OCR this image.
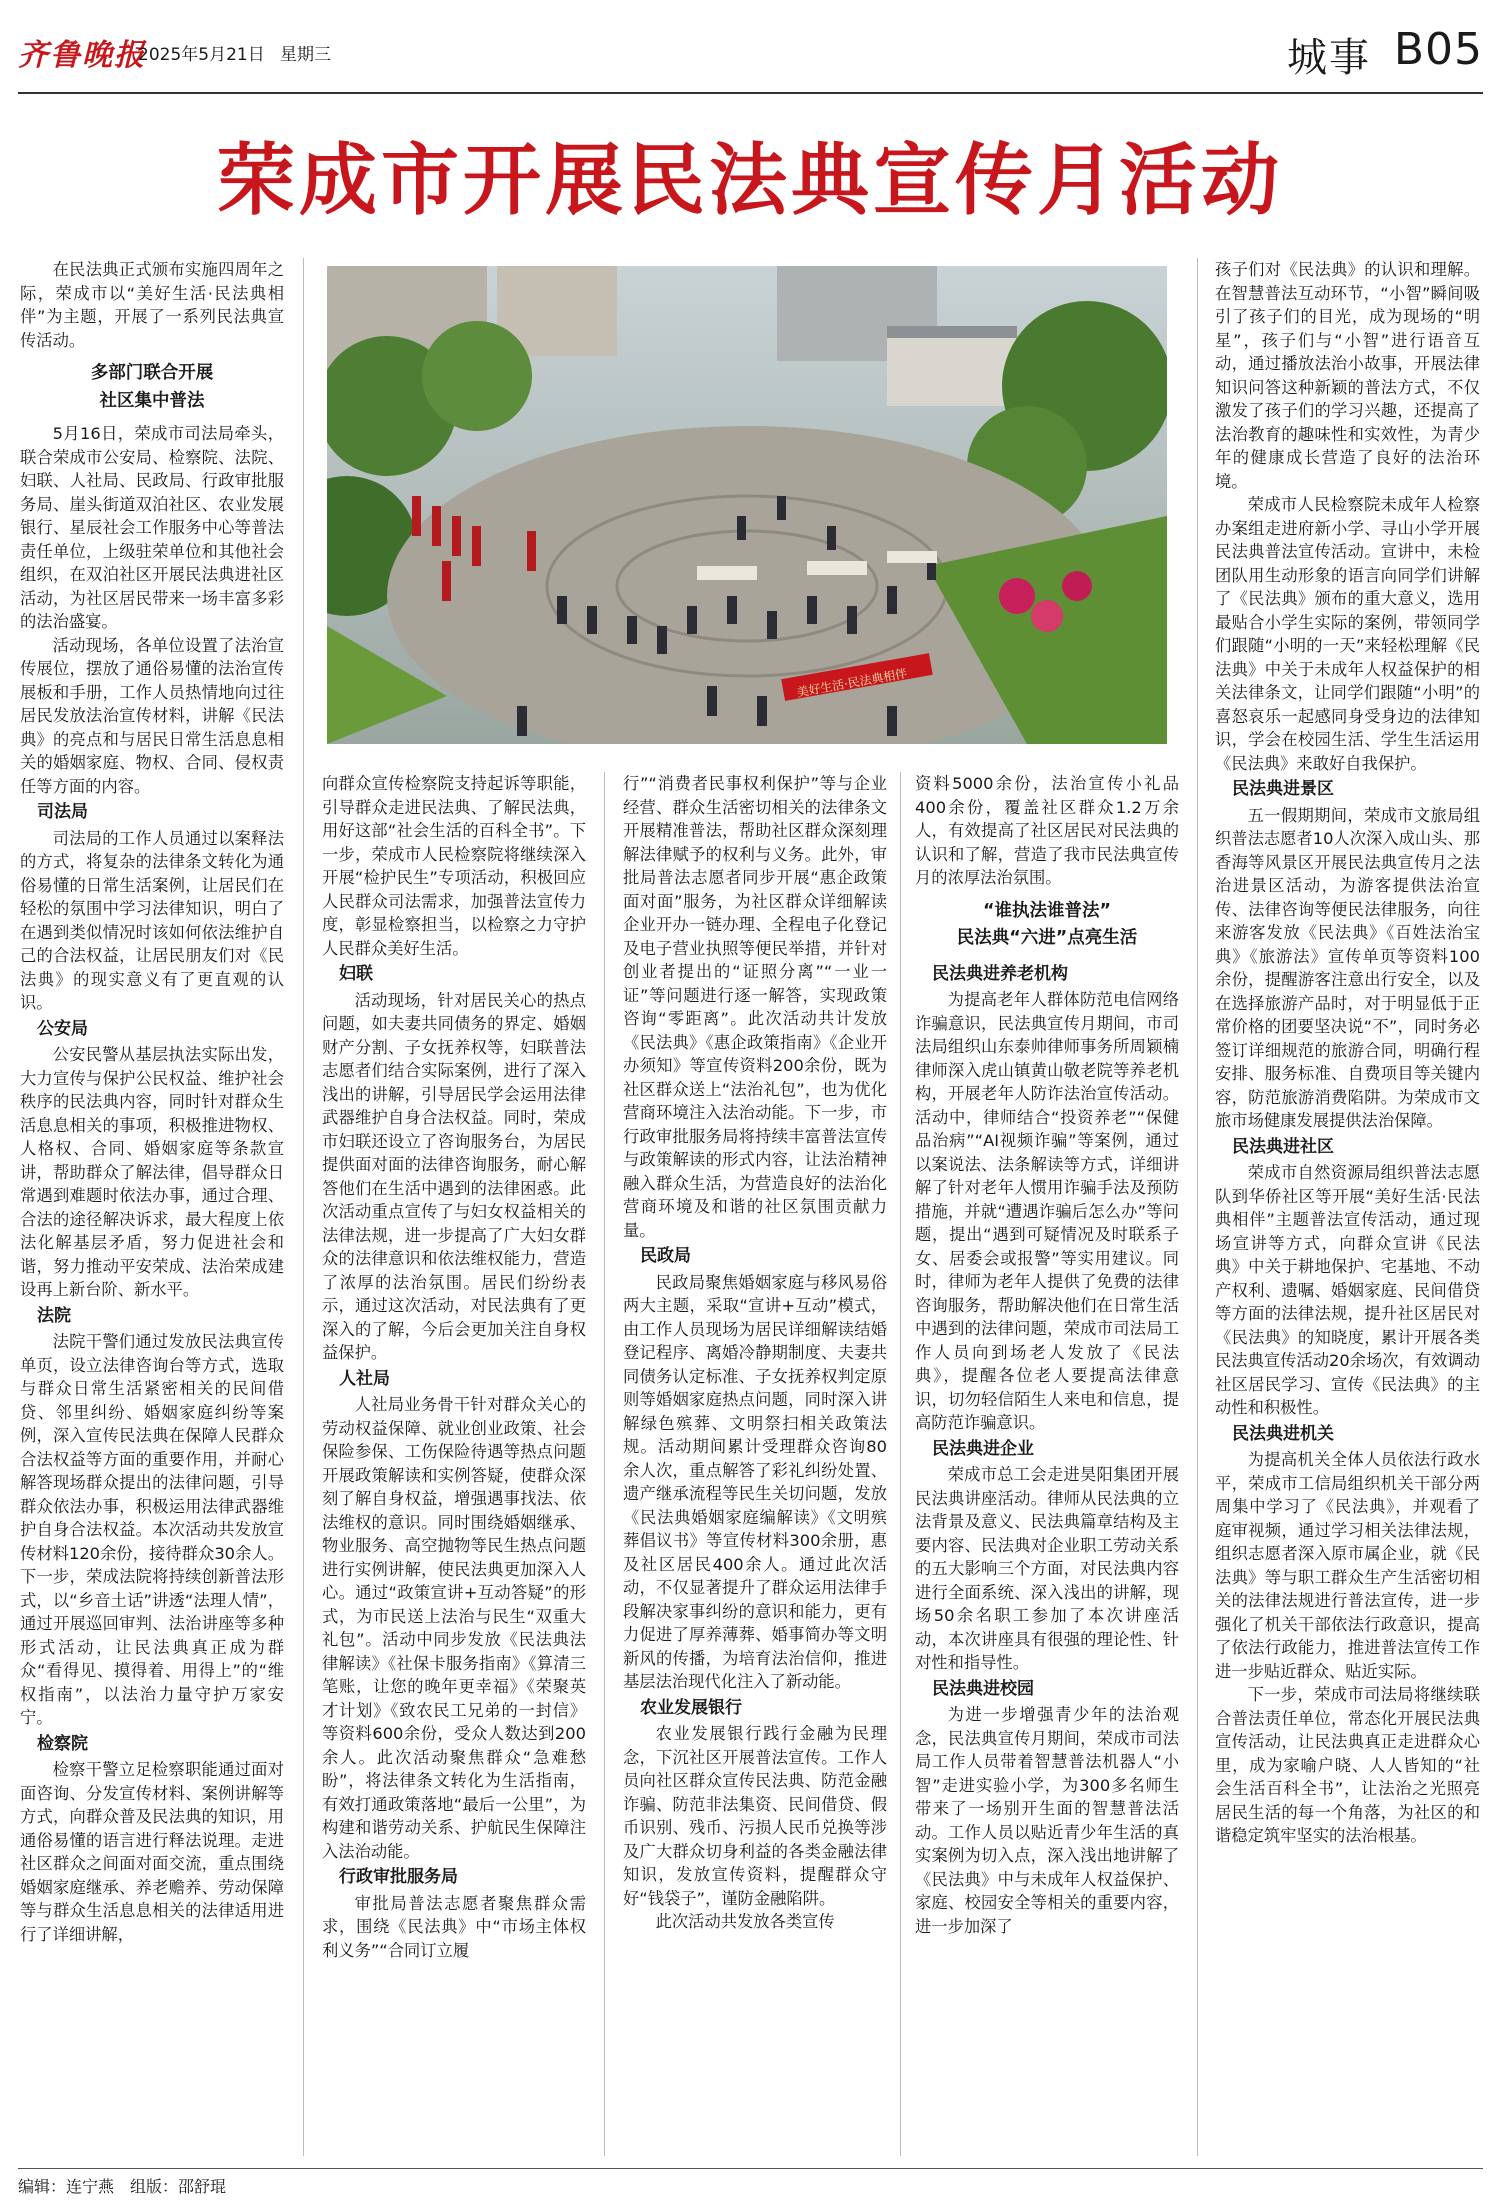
齐鲁晚报
2025年5月21日 星期三	城事 B05
荣成市开展民法典宣传月活动

在民法典正式颁布实施四周年之际，荣成市以“美好生活·民法典相伴”为主题，开展了一系列民法典宣传活动。

多部门联合开展
社区集中普法

5月16日，荣成市司法局牵头，联合荣成市公安局、检察院、法院、妇联、人社局、民政局、行政审批服务局、崖头街道双泊社区、农业发展银行、星辰社会工作服务中心等普法责任单位，上级驻荣单位和其他社会组织，在双泊社区开展民法典进社区活动，为社区居民带来一场丰富多彩的法治盛宴。

活动现场，各单位设置了法治宣传展位，摆放了通俗易懂的法治宣传展板和手册，工作人员热情地向过往居民发放法治宣传材料，讲解《民法典》的亮点和与居民日常生活息息相关的婚姻家庭、物权、合同、侵权责任等方面的内容。

司法局

司法局的工作人员通过以案释法的方式，将复杂的法律条文转化为通俗易懂的日常生活案例，让居民们在轻松的氛围中学习法律知识，明白了在遇到类似情况时该如何依法维护自己的合法权益，让居民朋友们对《民法典》的现实意义有了更直观的认识。

公安局

公安民警从基层执法实际出发，大力宣传与保护公民权益、维护社会秩序的民法典内容，同时针对群众生活息息相关的事项，积极推进物权、人格权、合同、婚姻家庭等条款宣讲，帮助群众了解法律，倡导群众日常遇到难题时依法办事，通过合理、合法的途径解决诉求，最大程度上依法化解基层矛盾，努力促进社会和谐，努力推动平安荣成、法治荣成建设再上新台阶、新水平。

法院

法院干警们通过发放民法典宣传单页，设立法律咨询台等方式，选取与群众日常生活紧密相关的民间借贷、邻里纠纷、婚姻家庭纠纷等案例，深入宣传民法典在保障人民群众合法权益等方面的重要作用，并耐心解答现场群众提出的法律问题，引导群众依法办事，积极运用法律武器维护自身合法权益。本次活动共发放宣传材料120余份，接待群众30余人。下一步，荣成法院将持续创新普法形式，以“乡音土话”讲透“法理人情”，通过开展巡回审判、法治讲座等多种形式活动，让民法典真正成为群众“看得见、摸得着、用得上”的“维权指南”，以法治力量守护万家安宁。

检察院

检察干警立足检察职能通过面对面咨询、分发宣传材料、案例讲解等方式，向群众普及民法典的知识，用通俗易懂的语言进行释法说理。走进社区群众之间面对面交流，重点围绕婚姻家庭继承、养老赡养、劳动保障等与群众生活息息相关的法律适用进行了详细讲解，

美好生活·民法典相伴

向群众宣传检察院支持起诉等职能，引导群众走进民法典、了解民法典，用好这部“社会生活的百科全书”。下一步，荣成市人民检察院将继续深入开展“检护民生”专项活动，积极回应人民群众司法需求，加强普法宣传力度，彰显检察担当，以检察之力守护人民群众美好生活。

妇联

活动现场，针对居民关心的热点问题，如夫妻共同债务的界定、婚姻财产分割、子女抚养权等，妇联普法志愿者们结合实际案例，进行了深入浅出的讲解，引导居民学会运用法律武器维护自身合法权益。同时，荣成市妇联还设立了咨询服务台，为居民提供面对面的法律咨询服务，耐心解答他们在生活中遇到的法律困惑。此次活动重点宣传了与妇女权益相关的法律法规，进一步提高了广大妇女群众的法律意识和依法维权能力，营造了浓厚的法治氛围。居民们纷纷表示，通过这次活动，对民法典有了更深入的了解，今后会更加关注自身权益保护。

人社局

人社局业务骨干针对群众关心的劳动权益保障、就业创业政策、社会保险参保、工伤保险待遇等热点问题开展政策解读和实例答疑，使群众深刻了解自身权益，增强遇事找法、依法维权的意识。同时围绕婚姻继承、物业服务、高空抛物等民生热点问题进行实例讲解，使民法典更加深入人心。通过“政策宣讲+互动答疑”的形式，为市民送上法治与民生“双重大礼包”。活动中同步发放《民法典法律解读》《社保卡服务指南》《算清三笔账，让您的晚年更幸福》《荣聚英才计划》《致农民工兄弟的一封信》等资料600余份，受众人数达到200余人。此次活动聚焦群众“急难愁盼”，将法律条文转化为生活指南，有效打通政策落地“最后一公里”，为构建和谐劳动关系、护航民生保障注入法治动能。

行政审批服务局

审批局普法志愿者聚焦群众需求，围绕《民法典》中“市场主体权利义务”“合同订立履

行”“消费者民事权利保护”等与企业经营、群众生活密切相关的法律条文开展精准普法，帮助社区群众深刻理解法律赋予的权利与义务。此外，审批局普法志愿者同步开展“惠企政策面对面”服务，为社区群众详细解读企业开办一链办理、全程电子化登记及电子营业执照等便民举措，并针对创业者提出的“证照分离”“一业一证”等问题进行逐一解答，实现政策咨询“零距离”。此次活动共计发放《民法典》《惠企政策指南》《企业开办须知》等宣传资料200余份，既为社区群众送上“法治礼包”，也为优化营商环境注入法治动能。下一步，市行政审批服务局将持续丰富普法宣传与政策解读的形式内容，让法治精神融入群众生活，为营造良好的法治化营商环境及和谐的社区氛围贡献力量。

民政局

民政局聚焦婚姻家庭与移风易俗两大主题，采取“宣讲+互动”模式，由工作人员现场为居民详细解读结婚登记程序、离婚冷静期制度、夫妻共同债务认定标准、子女抚养权判定原则等婚姻家庭热点问题，同时深入讲解绿色殡葬、文明祭扫相关政策法规。活动期间累计受理群众咨询80余人次，重点解答了彩礼纠纷处置、遗产继承流程等民生关切问题，发放《民法典婚姻家庭编解读》《文明殡葬倡议书》等宣传材料300余册，惠及社区居民400余人。通过此次活动，不仅显著提升了群众运用法律手段解决家事纠纷的意识和能力，更有力促进了厚养薄葬、婚事简办等文明新风的传播，为培育法治信仰，推进基层法治现代化注入了新动能。

农业发展银行

农业发展银行践行金融为民理念，下沉社区开展普法宣传。工作人员向社区群众宣传民法典、防范金融诈骗、防范非法集资、民间借贷、假币识别、残币、污损人民币兑换等涉及广大群众切身利益的各类金融法律知识，发放宣传资料，提醒群众守好“钱袋子”，谨防金融陷阱。

此次活动共发放各类宣传

资料5000余份，法治宣传小礼品400余份，覆盖社区群众1.2万余人，有效提高了社区居民对民法典的认识和了解，营造了我市民法典宣传月的浓厚法治氛围。

“谁执法谁普法”
民法典“六进”点亮生活
民法典进养老机构

为提高老年人群体防范电信网络诈骗意识，民法典宣传月期间，市司法局组织山东泰帅律师事务所周颖楠律师深入虎山镇黄山敬老院等养老机构，开展老年人防诈法治宣传活动。活动中，律师结合“投资养老”“保健品治病”“AI视频诈骗”等案例，通过以案说法、法条解读等方式，详细讲解了针对老年人惯用诈骗手法及预防措施，并就“遭遇诈骗后怎么办”等问题，提出“遇到可疑情况及时联系子女、居委会或报警”等实用建议。同时，律师为老年人提供了免费的法律咨询服务，帮助解决他们在日常生活中遇到的法律问题，荣成市司法局工作人员向到场老人发放了《民法典》，提醒各位老人要提高法律意识，切勿轻信陌生人来电和信息，提高防范诈骗意识。

民法典进企业

荣成市总工会走进昊阳集团开展民法典讲座活动。律师从民法典的立法背景及意义、民法典篇章结构及主要内容、民法典对企业职工劳动关系的五大影响三个方面，对民法典内容进行全面系统、深入浅出的讲解，现场50余名职工参加了本次讲座活动，本次讲座具有很强的理论性、针对性和指导性。

民法典进校园

为进一步增强青少年的法治观念，民法典宣传月期间，荣成市司法局工作人员带着智慧普法机器人“小智”走进实验小学，为300多名师生带来了一场别开生面的智慧普法活动。工作人员以贴近青少年生活的真实案例为切入点，深入浅出地讲解了《民法典》中与未成年人权益保护、家庭、校园安全等相关的重要内容，进一步加深了

孩子们对《民法典》的认识和理解。在智慧普法互动环节，“小智”瞬间吸引了孩子们的目光，成为现场的“明星”，孩子们与“小智”进行语音互动，通过播放法治小故事，开展法律知识问答这种新颖的普法方式，不仅激发了孩子们的学习兴趣，还提高了法治教育的趣味性和实效性，为青少年的健康成长营造了良好的法治环境。

荣成市人民检察院未成年人检察办案组走进府新小学、寻山小学开展民法典普法宣传活动。宣讲中，未检团队用生动形象的语言向同学们讲解了《民法典》颁布的重大意义，选用最贴合小学生实际的案例，带领同学们跟随“小明的一天”来轻松理解《民法典》中关于未成年人权益保护的相关法律条文，让同学们跟随“小明”的喜怒哀乐一起感同身受身边的法律知识，学会在校园生活、学生生活运用《民法典》来敢好自我保护。

民法典进景区

五一假期期间，荣成市文旅局组织普法志愿者10人次深入成山头、那香海等风景区开展民法典宣传月之法治进景区活动，为游客提供法治宣传、法律咨询等便民法律服务，向往来游客发放《民法典》《百姓法治宝典》《旅游法》宣传单页等资料100余份，提醒游客注意出行安全，以及在选择旅游产品时，对于明显低于正常价格的团要坚决说“不”，同时务必签订详细规范的旅游合同，明确行程安排、服务标准、自费项目等关键内容，防范旅游消费陷阱。为荣成市文旅市场健康发展提供法治保障。

民法典进社区

荣成市自然资源局组织普法志愿队到华侨社区等开展“美好生活·民法典相伴”主题普法宣传活动，通过现场宣讲等方式，向群众宣讲《民法典》中关于耕地保护、宅基地、不动产权利、遗嘱、婚姻家庭、民间借贷等方面的法律法规，提升社区居民对《民法典》的知晓度，累计开展各类民法典宣传活动20余场次，有效调动社区居民学习、宣传《民法典》的主动性和积极性。

民法典进机关

为提高机关全体人员依法行政水平，荣成市工信局组织机关干部分两周集中学习了《民法典》，并观看了庭审视频，通过学习相关法律法规，组织志愿者深入原市属企业，就《民法典》等与职工群众生产生活密切相关的法律法规进行普法宣传，进一步强化了机关干部依法行政意识，提高了依法行政能力，推进普法宣传工作进一步贴近群众、贴近实际。

下一步，荣成市司法局将继续联合普法责任单位，常态化开展民法典宣传活动，让民法典真正走进群众心里，成为家喻户晓、人人皆知的“社会生活百科全书”，让法治之光照亮居民生活的每一个角落，为社区的和谐稳定筑牢坚实的法治根基。

编辑：连宁燕　组版：邵舒琨
